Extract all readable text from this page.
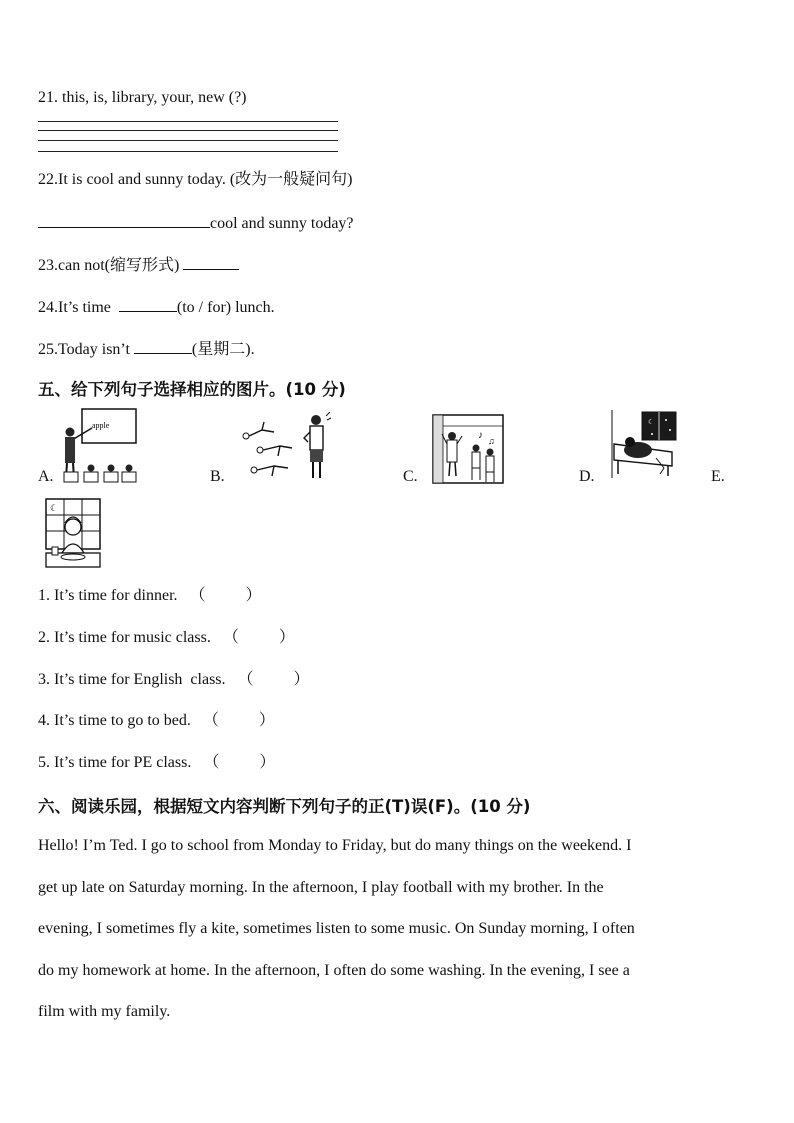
21. this, is, library, your, new (?)
22.It is cool and sunny today. (改为一般疑问句)
cool and sunny today?
23.can not(缩写形式)
24.It’s time	(to / for) lunch.
25.Today isn’t	(星期二).
五、给下列句子选择相应的图片。(10 分)
apple
A.	B.
♪ ♫
C.
☾
D.	E.
☾
1. It’s time for dinner.   （          ）
2. It’s time for music class.   （          ）
3. It’s time for English  class.   （          ）
4. It’s time to go to bed.   （          ）
5. It’s time for PE class.   （          ）
六、阅读乐园，根据短文内容判断下列句子的正(T)误(F)。(10 分)
Hello! I’m Ted. I go to school from Monday to Friday, but do many things on the weekend. I
get up late on Saturday morning. In the afternoon, I play football with my brother. In the
evening, I sometimes fly a kite, sometimes listen to some music. On Sunday morning, I often
do my homework at home. In the afternoon, I often do some washing. In the evening, I see a
film with my family.
